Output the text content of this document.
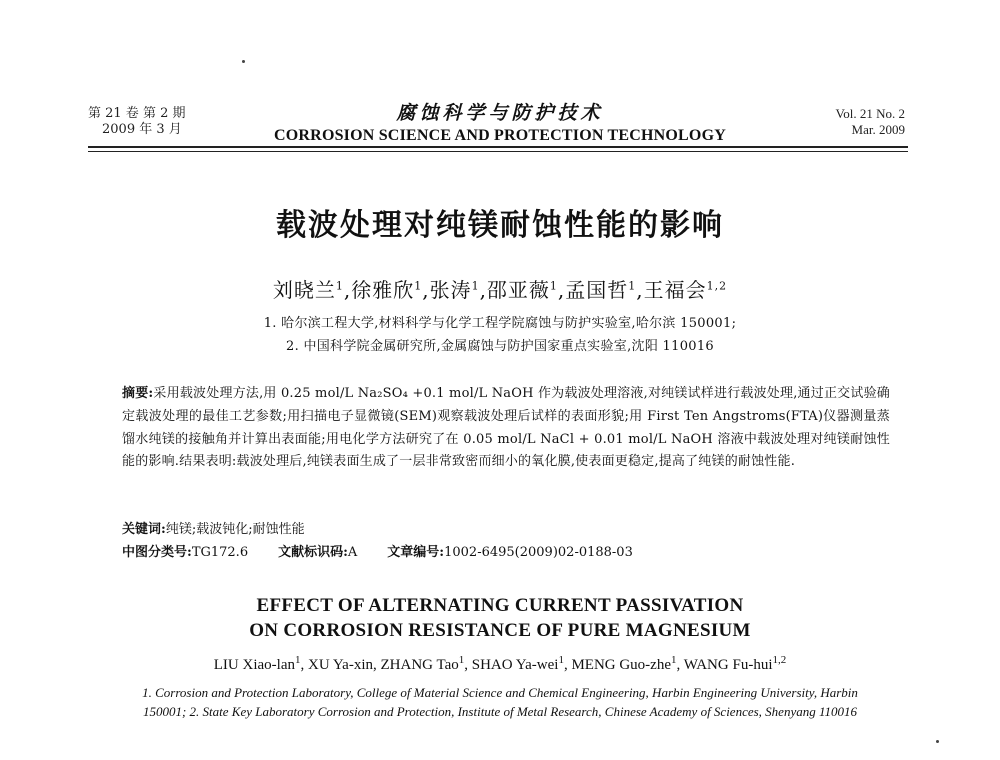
第 21 卷 第 2 期
2009 年 3 月
腐蚀科学与防护技术
CORROSION SCIENCE AND PROTECTION TECHNOLOGY
Vol. 21 No. 2
Mar. 2009
载波处理对纯镁耐蚀性能的影响
刘晓兰$^1$,徐雅欣$^1$,张涛$^1$,邵亚薇$^1$,孟国哲$^1$,王福会$^{1,2}$
1. 哈尔滨工程大学,材料科学与化学工程学院腐蚀与防护实验室,哈尔滨 150001;
2. 中国科学院金属研究所,金属腐蚀与防护国家重点实验室,沈阳 110016
摘要:采用载波处理方法,用 0.25 mol/L Na₂SO₄ +0.1 mol/L NaOH 作为载波处理溶液,对纯镁试样进行载波处理,通过正交试验确定载波处理的最佳工艺参数;用扫描电子显微镜(SEM)观察载波处理后试样的表面形貌;用 First Ten Angstroms(FTA)仪器测量蒸馏水纯镁的接触角并计算出表面能;用电化学方法研究了在 0.05 mol/L NaCl + 0.01 mol/L NaOH 溶液中载波处理对纯镁耐蚀性能的影响.结果表明:载波处理后,纯镁表面生成了一层非常致密而细小的氧化膜,使表面更稳定,提高了纯镁的耐蚀性能.
关键词:纯镁;载波钝化;耐蚀性能
中图分类号:TG172.6 文献标识码:A 文章编号:1002-6495(2009)02-0188-03
EFFECT OF ALTERNATING CURRENT PASSIVATION
ON CORROSION RESISTANCE OF PURE MAGNESIUM
LIU Xiao-lan$^1$, XU Ya-xin, ZHANG Tao$^1$, SHAO Ya-wei$^1$, MENG Guo-zhe$^1$, WANG Fu-hui$^{1,2}$
1. Corrosion and Protection Laboratory, College of Material Science and Chemical Engineering, Harbin Engineering University, Harbin 150001; 2. State Key Laboratory Corrosion and Protection, Institute of Metal Research, Chinese Academy of Sciences, Shenyang 110016
